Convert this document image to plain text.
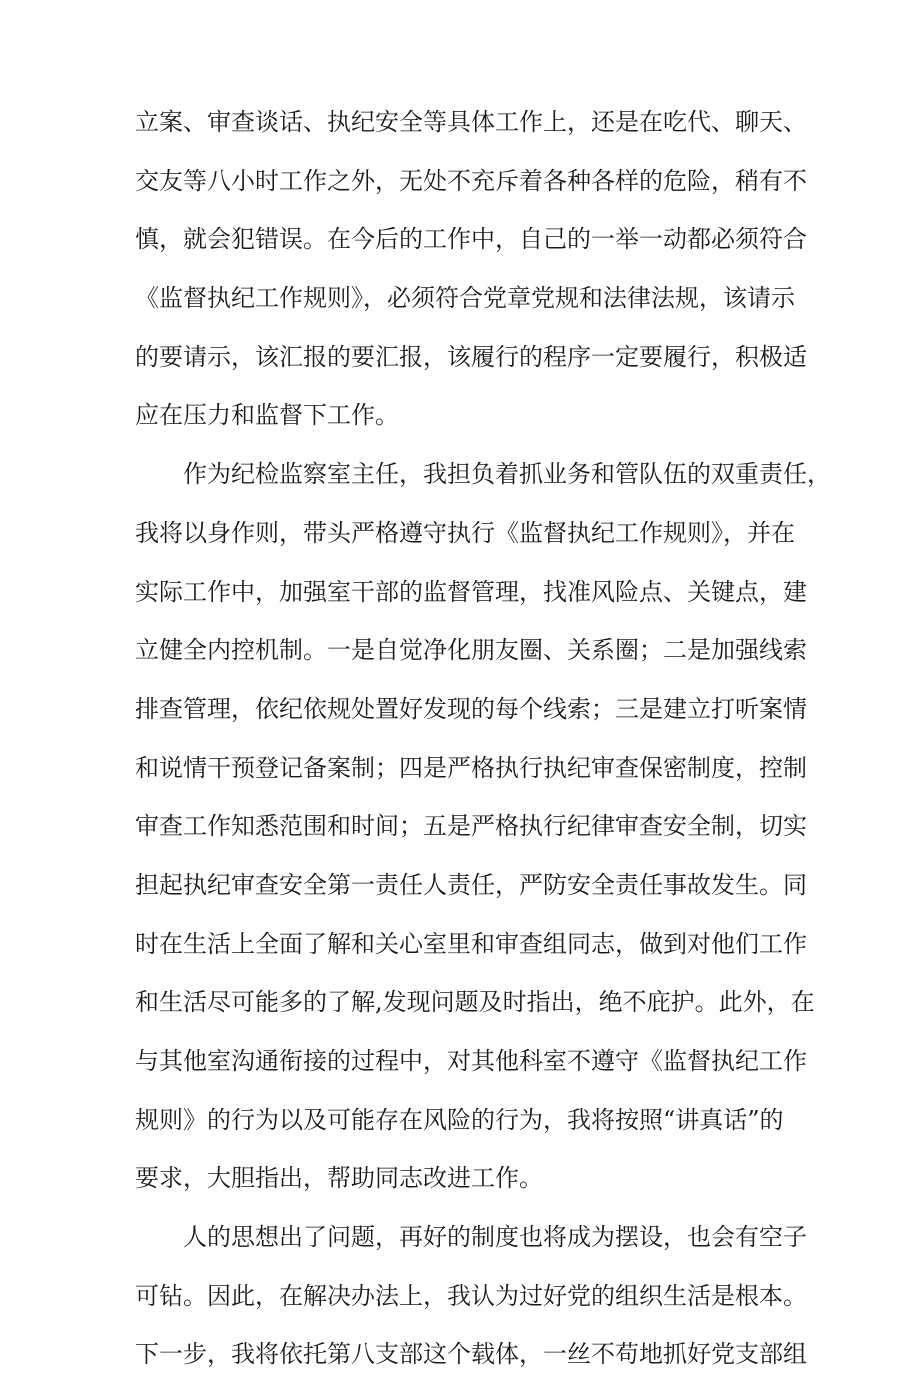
立案、审查谈话、执纪安全等具体工作上，还是在吃代、聊天、
交友等八小时工作之外，无处不充斥着各种各样的危险，稍有不
慎，就会犯错误。在今后的工作中，自己的一举一动都必须符合
《监督执纪工作规则》，必须符合党章党规和法律法规，该请示
的要请示，该汇报的要汇报，该履行的程序一定要履行，积极适
应在压力和监督下工作。
作为纪检监察室主任，我担负着抓业务和管队伍的双重责任，
我将以身作则，带头严格遵守执行《监督执纪工作规则》，并在
实际工作中，加强室干部的监督管理，找准风险点、关键点，建
立健全内控机制。一是自觉净化朋友圈、关系圈；二是加强线索
排查管理，依纪依规处置好发现的每个线索；三是建立打听案情
和说情干预登记备案制；四是严格执行执纪审查保密制度，控制
审查工作知悉范围和时间；五是严格执行纪律审查安全制，切实
担起执纪审查安全第一责任人责任，严防安全责任事故发生。同
时在生活上全面了解和关心室里和审查组同志，做到对他们工作
和生活尽可能多的了解,发现问题及时指出，绝不庇护。此外，在
与其他室沟通衔接的过程中，对其他科室不遵守《监督执纪工作
规则》的行为以及可能存在风险的行为，我将按照“讲真话”的
要求，大胆指出，帮助同志改进工作。
人的思想出了问题，再好的制度也将成为摆设，也会有空子
可钻。因此，在解决办法上，我认为过好党的组织生活是根本。
下一步，我将依托第八支部这个载体，一丝不苟地抓好党支部组
